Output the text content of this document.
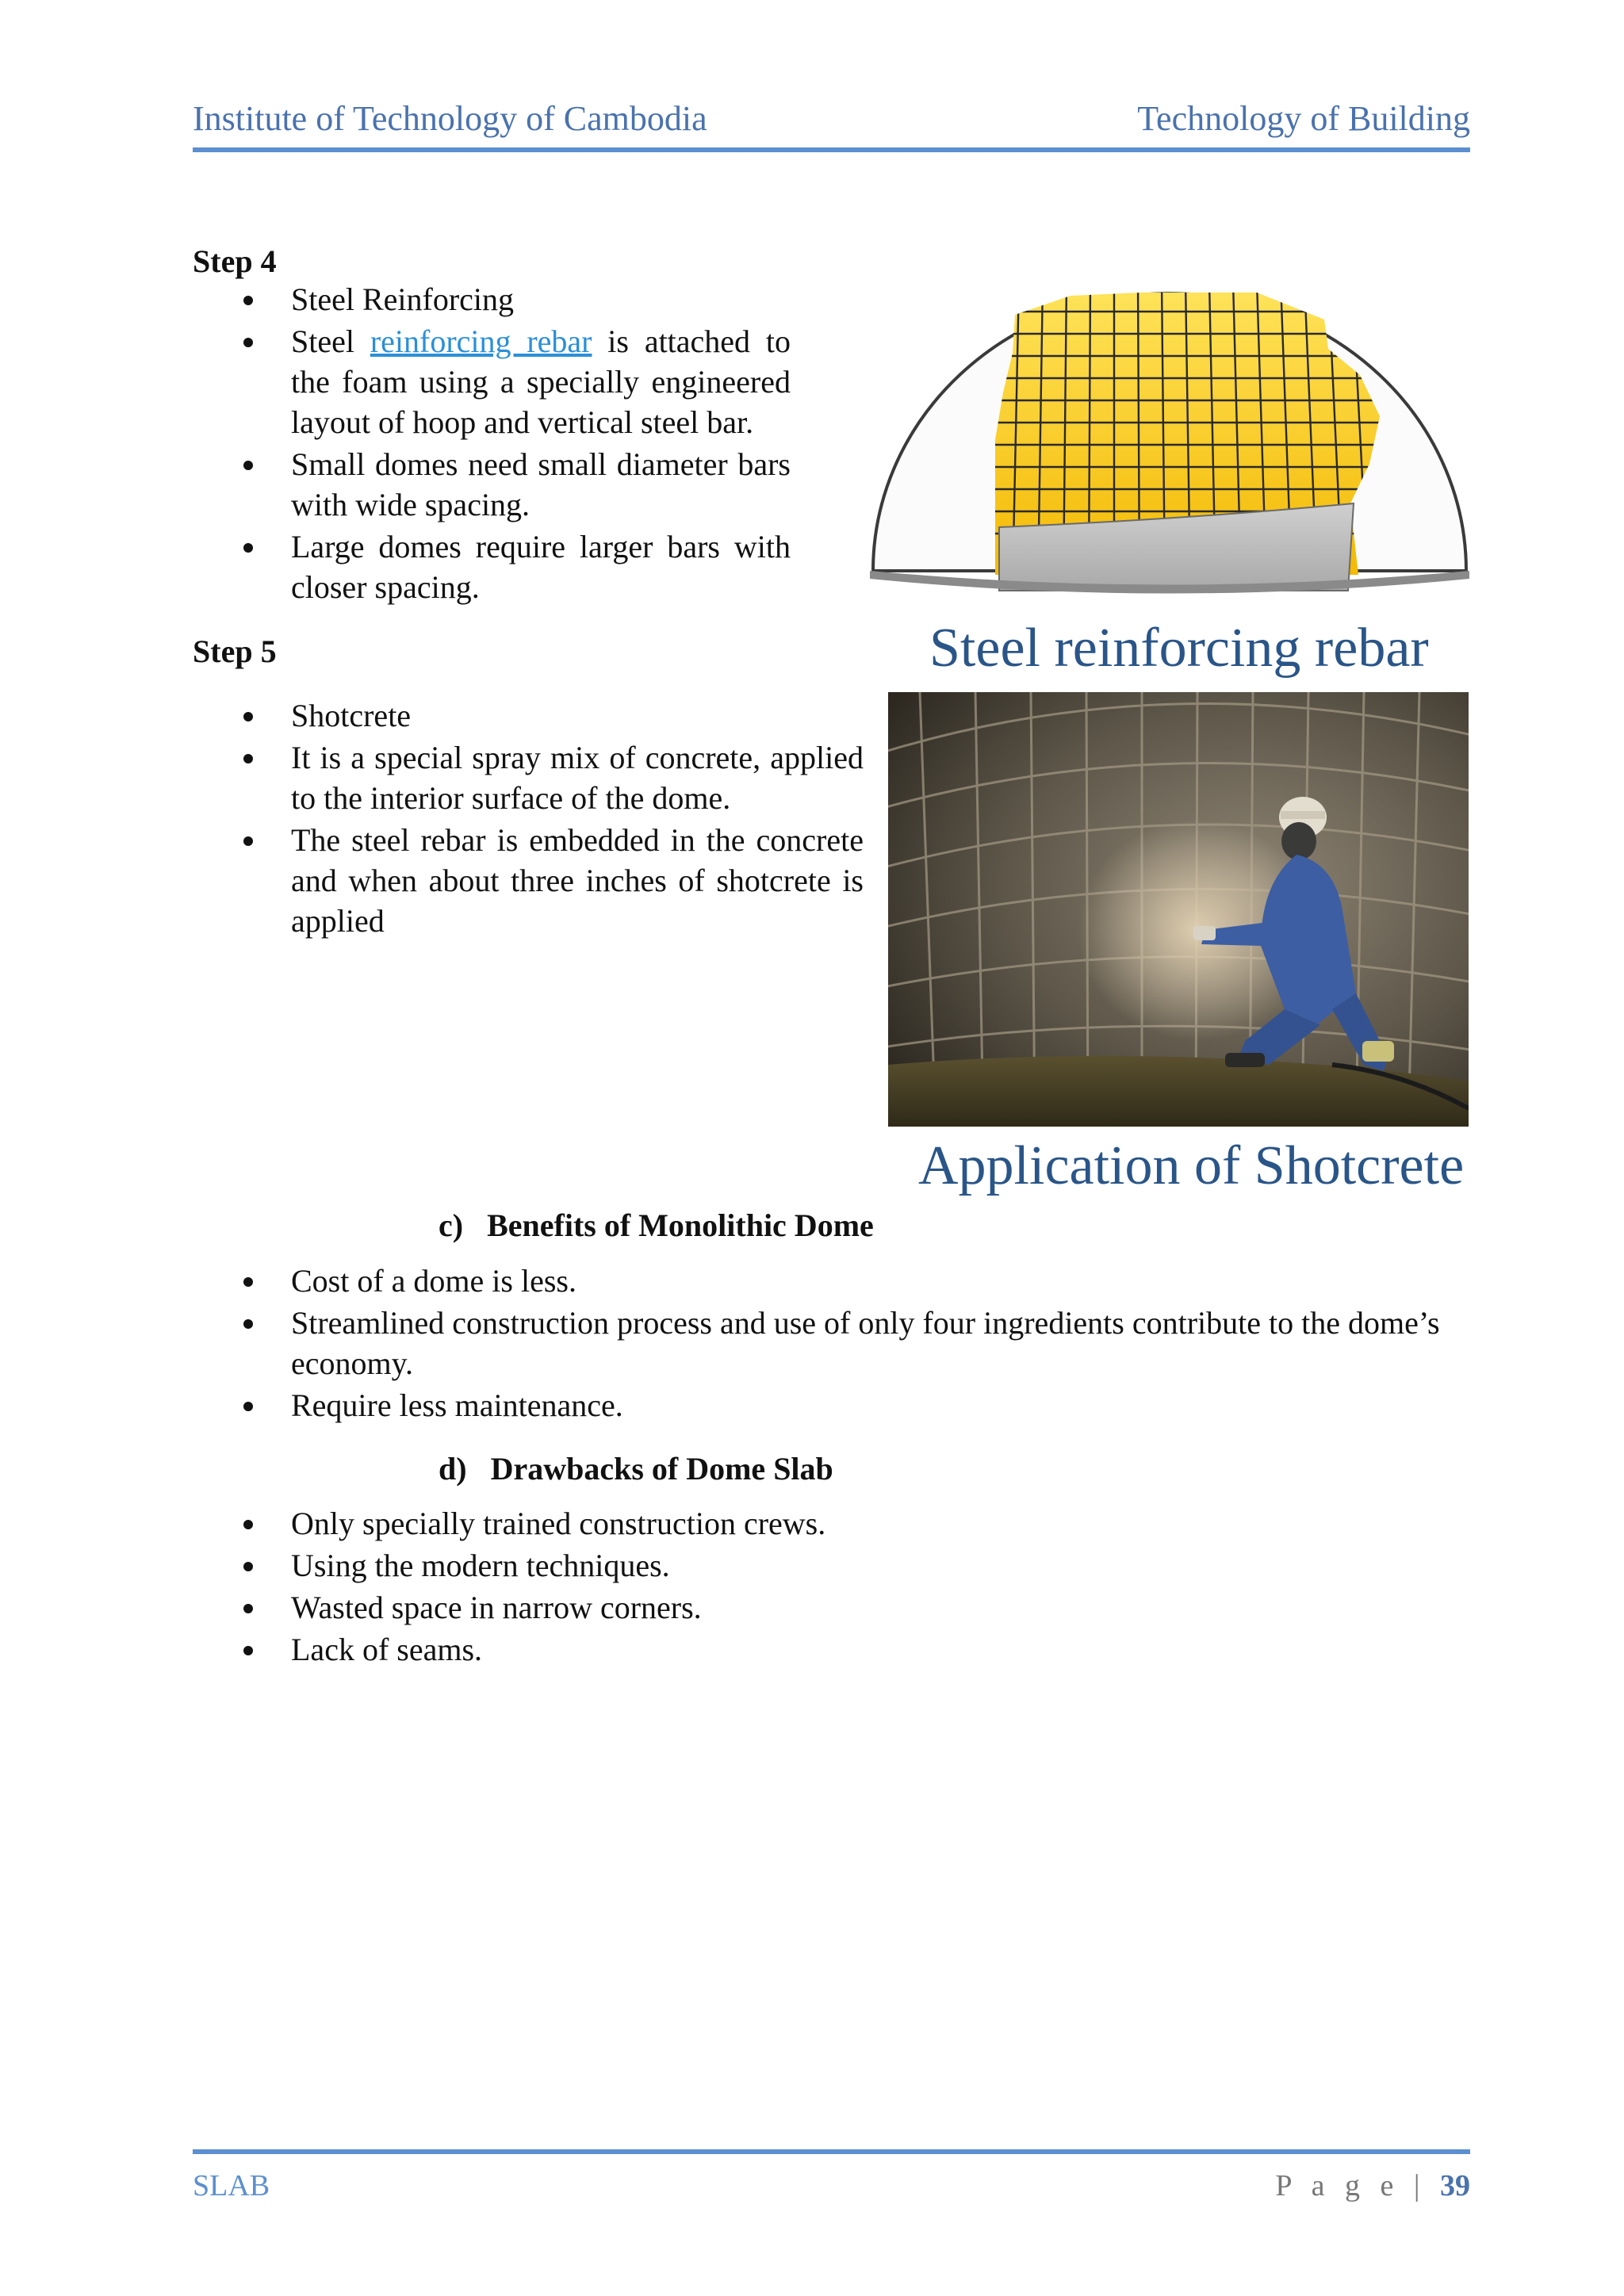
Institute of Technology of Cambodia	Technology of Building
Step 4
Steel Reinforcing
Steel reinforcing rebar is attached to the foam using a specially engineered layout of hoop and vertical steel bar.
Small domes need small diameter bars with wide spacing.
Large domes require larger bars with closer spacing.
Steel reinforcing rebar
Step 5
Shotcrete
It is a special spray mix of concrete, applied to the interior surface of the dome.
The steel rebar is embedded in the concrete and when about three inches of shotcrete is applied
Application of Shotcrete
c)  Benefits of Monolithic Dome
Cost of a dome is less.
Streamlined construction process and use of only four ingredients contribute to the dome’s economy.
Require less maintenance.
d)  Drawbacks of Dome Slab
Only specially trained construction crews.
Using the modern techniques.
Wasted space in narrow corners.
Lack of seams.
SLAB	P a g e | 39
